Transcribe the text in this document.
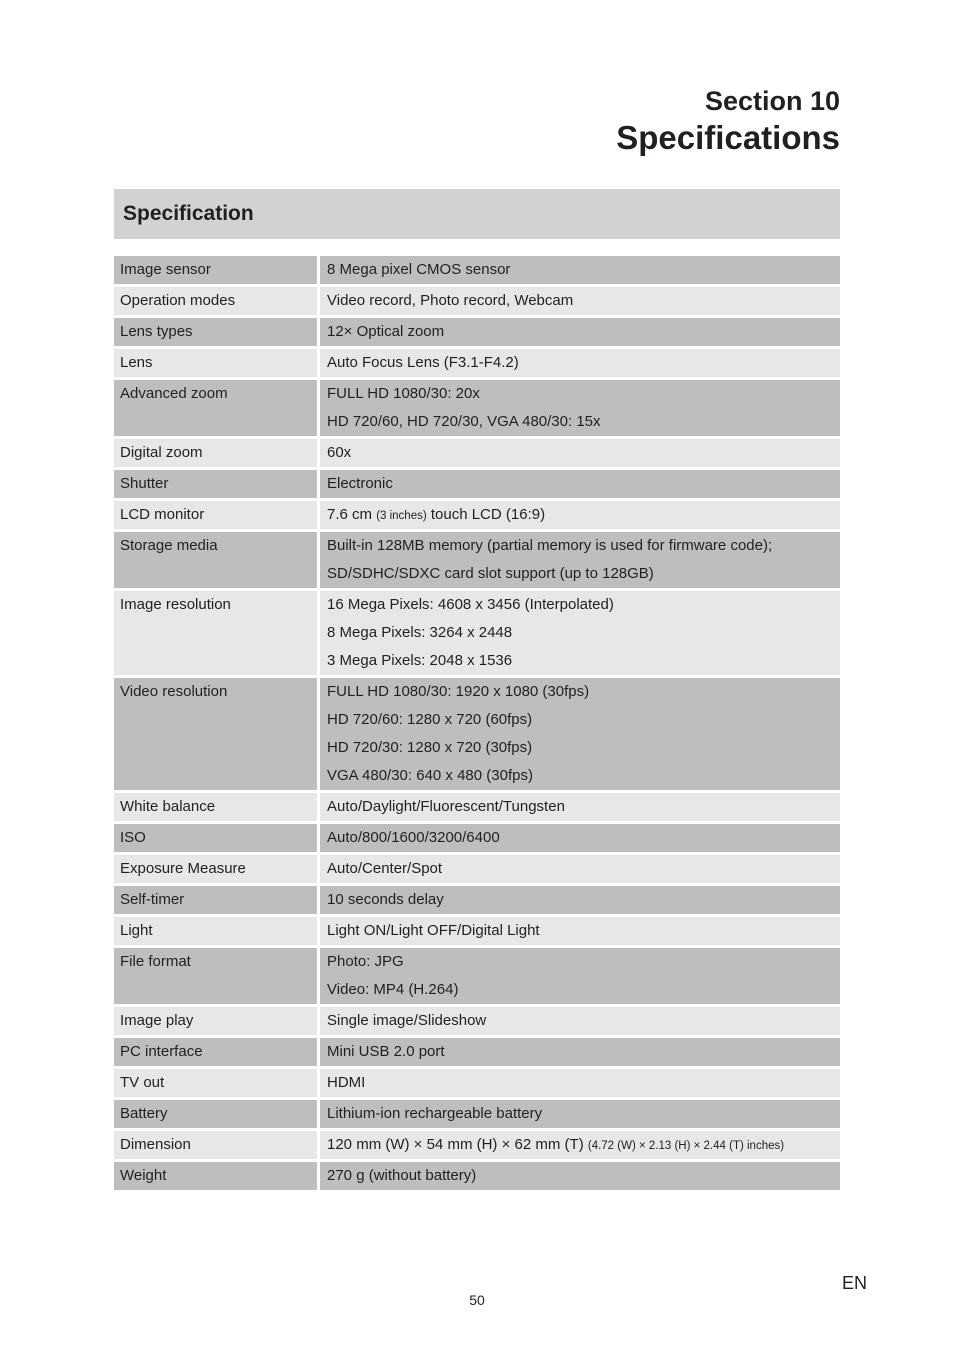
Section 10
Specifications
Specification
Image sensor	8 Mega pixel CMOS sensor
Operation modes	Video record, Photo record, Webcam
Lens types	12× Optical zoom
Lens	Auto Focus Lens (F3.1-F4.2)
Advanced zoom	FULL HD 1080/30: 20x
HD 720/60, HD 720/30, VGA 480/30: 15x
Digital zoom	60x
Shutter	Electronic
LCD monitor	7.6 cm (3 inches) touch LCD (16:9)
Storage media	Built-in 128MB memory (partial memory is used for firmware code);
SD/SDHC/SDXC card slot support (up to 128GB)
Image resolution	16 Mega Pixels: 4608 x 3456 (Interpolated)
8 Mega Pixels: 3264 x 2448
3 Mega Pixels: 2048 x 1536
Video resolution	FULL HD 1080/30: 1920 x 1080 (30fps)
HD 720/60: 1280 x 720 (60fps)
HD 720/30: 1280 x 720 (30fps)
VGA 480/30: 640 x 480 (30fps)
White balance	Auto/Daylight/Fluorescent/Tungsten
ISO	Auto/800/1600/3200/6400
Exposure Measure	Auto/Center/Spot
Self-timer	10 seconds delay
Light	Light ON/Light OFF/Digital Light
File format	Photo: JPG
Video: MP4 (H.264)
Image play	Single image/Slideshow
PC interface	Mini USB 2.0 port
TV out	HDMI
Battery	Lithium-ion rechargeable battery
Dimension	120 mm (W) × 54 mm (H) × 62 mm (T) (4.72 (W) × 2.13 (H) × 2.44 (T) inches)
Weight	270 g (without battery)
50
EN
